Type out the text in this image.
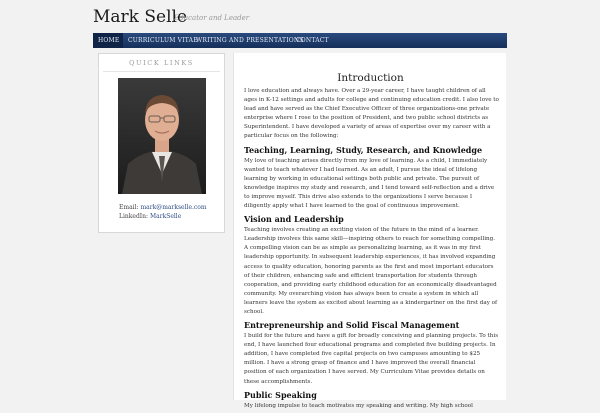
Mark Selle
Educator and Leader
HOME	CURRICULUM VITAE
WRITING AND PRESENTATIONS
CONTACT
QUICK LINKS
Email: mark@markselle.com
LinkedIn: MarkSelle
Introduction

I love education and always have. Over a 29-year career, I have taught children of all ages in K-12 settings and adults for college and continuing education credit. I also love to lead and have served as the Chief Executive Officer of three organizations-one private enterprise where I rose to the position of President, and two public school districts as Superintendent. I have developed a variety of areas of expertise over my career with a particular focus on the following:

Teaching, Learning, Study, Research, and Knowledge

My love of teaching arises directly from my love of learning. As a child, I immediately wanted to teach whatever I had learned. As an adult, I pursue the ideal of lifelong learning by working in educational settings both public and private. The pursuit of knowledge inspires my study and research, and I tend toward self-reflection and a drive to improve myself. This drive also extends to the organizations I serve because I diligently apply what I have learned to the goal of continuous improvement.

Vision and Leadership

Teaching involves creating an exciting vision of the future in the mind of a learner. Leadership involves this same skill—inspiring others to reach for something compelling. A compelling vision can be as simple as personalizing learning, as it was in my first leadership opportunity. In subsequent leadership experiences, it has involved expanding access to quality education, honoring parents as the first and most important educators of their children, enhancing safe and efficient transportation for students through cooperation, and providing early childhood education for an economically disadvantaged community. My overarching vision has always been to create a system in which all learners leave the system as excited about learning as a kindergartner on the first day of school.

Entrepreneurship and Solid Fiscal Management

I build for the future and have a gift for broadly conceiving and planning projects. To this end, I have launched four educational programs and completed five building projects. In addition, I have completed five capital projects on two campuses amounting to $25 million. I have a strong grasp of finance and I have improved the overall financial position of each organization I have served. My Curriculum Vitae provides details on these accomplishments.

Public Speaking

My lifelong impulse to teach motivates my speaking and writing. My high school
